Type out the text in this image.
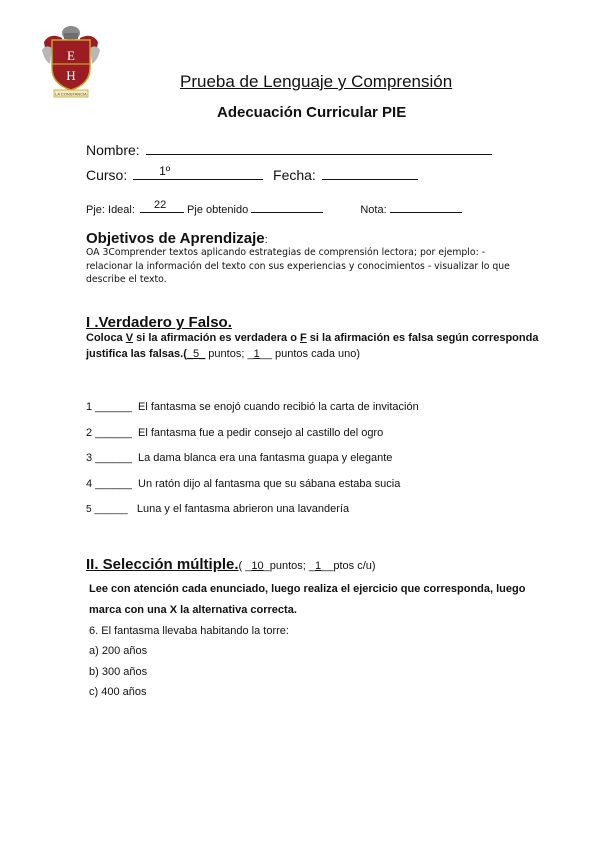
E
H
LA CONSTANCIA
Prueba de Lenguaje y Comprensión
Adecuación Curricular PIE
Nombre:
Curso:	1º	Fecha:
Pje: Ideal: 22 Pje obtenido	Nota:
Objetivos de Aprendizaje:
OA 3Comprender textos aplicando estrategias de comprensión lectora; por ejemplo: - relacionar la información del texto con sus experiencias y conocimientos - visualizar lo que describe el texto.
I .Verdadero y Falso.
Coloca V si la afirmación es verdadera o F si la afirmación es falsa según corresponda
justifica las falsas.(_5_ puntos; _1__ puntos cada uno)
1 ______ El fantasma se enojó cuando recibió la carta de invitación
2 ______ El fantasma fue a pedir consejo al castillo del ogro
3 ______ La dama blanca era una fantasma guapa y elegante
4 ______ Un ratón dijo al fantasma que su sábana estaba sucia
5 ______ Luna y el fantasma abrieron una lavandería
II. Selección múltiple.( _10_puntos; _1__ptos c/u)
Lee con atención cada enunciado, luego realiza el ejercicio que corresponda, luego
marca con una X la alternativa correcta.
6. El fantasma llevaba habitando la torre:
a) 200 años
b) 300 años
c) 400 años
